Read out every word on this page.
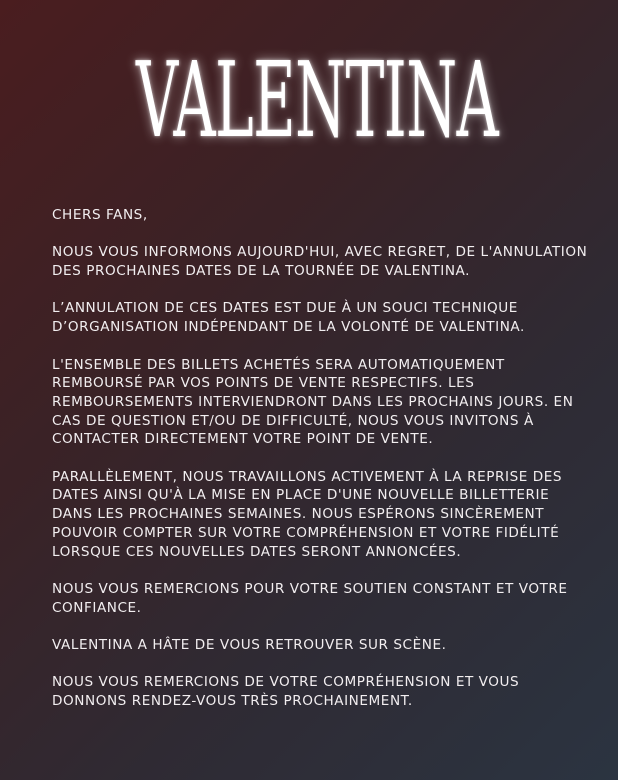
VALENTINA

CHERS FANS,

NOUS VOUS INFORMONS AUJOURD'HUI, AVEC REGRET, DE L'ANNULATION DES PROCHAINES DATES DE LA TOURNÉE DE VALENTINA.

L’ANNULATION DE CES DATES EST DUE À UN SOUCI TECHNIQUE D’ORGANISATION INDÉPENDANT DE LA VOLONTÉ DE VALENTINA.

L'ENSEMBLE DES BILLETS ACHETÉS SERA AUTOMATIQUEMENT REMBOURSÉ PAR VOS POINTS DE VENTE RESPECTIFS. LES REMBOURSEMENTS INTERVIENDRONT DANS LES PROCHAINS JOURS. EN CAS DE QUESTION ET/OU DE DIFFICULTÉ, NOUS VOUS INVITONS À CONTACTER DIRECTEMENT VOTRE POINT DE VENTE.

PARALLÈLEMENT, NOUS TRAVAILLONS ACTIVEMENT À LA REPRISE DES DATES AINSI QU'À LA MISE EN PLACE D'UNE NOUVELLE BILLETTERIE DANS LES PROCHAINES SEMAINES. NOUS ESPÉRONS SINCÈREMENT POUVOIR COMPTER SUR VOTRE COMPRÉHENSION ET VOTRE FIDÉLITÉ LORSQUE CES NOUVELLES DATES SERONT ANNONCÉES.

NOUS VOUS REMERCIONS POUR VOTRE SOUTIEN CONSTANT ET VOTRE CONFIANCE.

VALENTINA A HÂTE DE VOUS RETROUVER SUR SCÈNE.

NOUS VOUS REMERCIONS DE VOTRE COMPRÉHENSION ET VOUS DONNONS RENDEZ-VOUS TRÈS PROCHAINEMENT.
